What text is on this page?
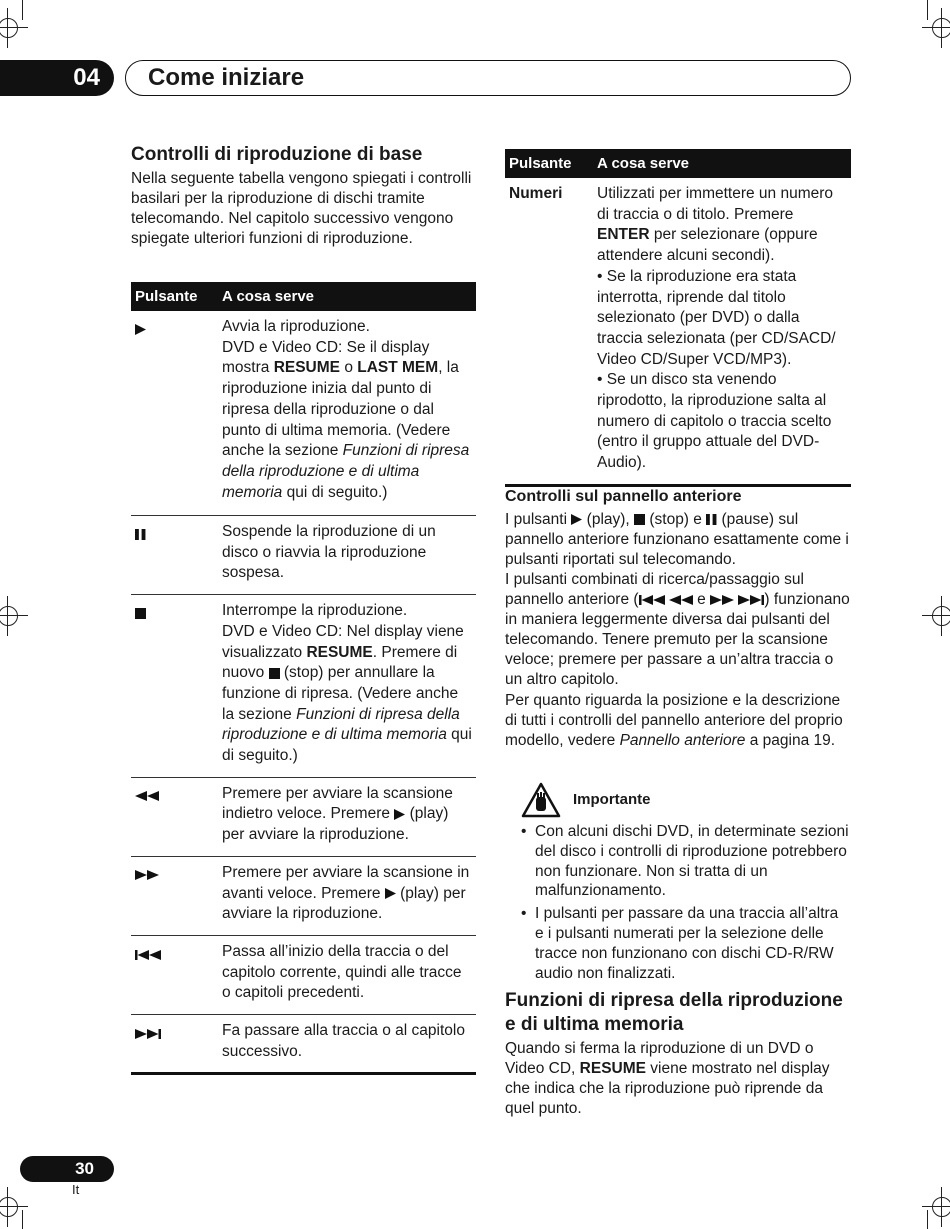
04	Come iniziare
Controlli di riproduzione di base
Nella seguente tabella vengono spiegati i controlli basilari per la riproduzione di dischi tramite telecomando. Nel capitolo successivo vengono spiegate ulteriori funzioni di riproduzione.
Pulsante	A cosa serve
	Avvia la riproduzione.
DVD e Video CD: Se il display mostra RESUME o LAST MEM, la riproduzione inizia dal punto di ripresa della riproduzione o dal punto di ultima memoria. (Vedere anche la sezione Funzioni di ripresa della riproduzione e di ultima memoria qui di seguito.)
	Sospende la riproduzione di un disco o riavvia la riproduzione sospesa.
	Interrompe la riproduzione.
DVD e Video CD: Nel display viene visualizzato RESUME. Premere di nuovo  (stop) per annullare la funzione di ripresa. (Vedere anche la sezione Funzioni di ripresa della riproduzione e di ultima memoria qui di seguito.)
	Premere per avviare la scansione indietro veloce. Premere  (play) per avviare la riproduzione.
	Premere per avviare la scansione in avanti veloce. Premere  (play) per avviare la riproduzione.
	Passa all’inizio della traccia o del capitolo corrente, quindi alle tracce o capitoli precedenti.
	Fa passare alla traccia o al capitolo successivo.
Pulsante	A cosa serve
Numeri	Utilizzati per immettere un numero di traccia o di titolo. Premere ENTER per selezionare (oppure attendere alcuni secondi).
• Se la riproduzione era stata interrotta, riprende dal titolo selezionato (per DVD) o dalla traccia selezionata (per CD/SACD/ Video CD/Super VCD/MP3).
• Se un disco sta venendo riprodotto, la riproduzione salta al numero di capitolo o traccia scelto (entro il gruppo attuale del DVD-Audio).
Controlli sul pannello anteriore
I pulsanti  (play),  (stop) e  (pause) sul pannello anteriore funzionano esattamente come i pulsanti riportati sul telecomando.
I pulsanti combinati di ricerca/passaggio sul pannello anteriore (	e	) funzionano in maniera leggermente diversa dai pulsanti del telecomando. Tenere premuto per la scansione veloce; premere per passare a un’altra traccia o un altro capitolo.
Per quanto riguarda la posizione e la descrizione di tutti i controlli del pannello anteriore del proprio modello, vedere Pannello anteriore a pagina 19.
Importante
• Con alcuni dischi DVD, in determinate sezioni del disco i controlli di riproduzione potrebbero non funzionare. Non si tratta di un malfunzionamento.
• I pulsanti per passare da una traccia all’altra e i pulsanti numerati per la selezione delle tracce non funzionano con dischi CD-R/RW audio non finalizzati.
Funzioni di ripresa della riproduzione e di ultima memoria
Quando si ferma la riproduzione di un DVD o Video CD, RESUME viene mostrato nel display che indica che la riproduzione può riprende da quel punto.
30
It
